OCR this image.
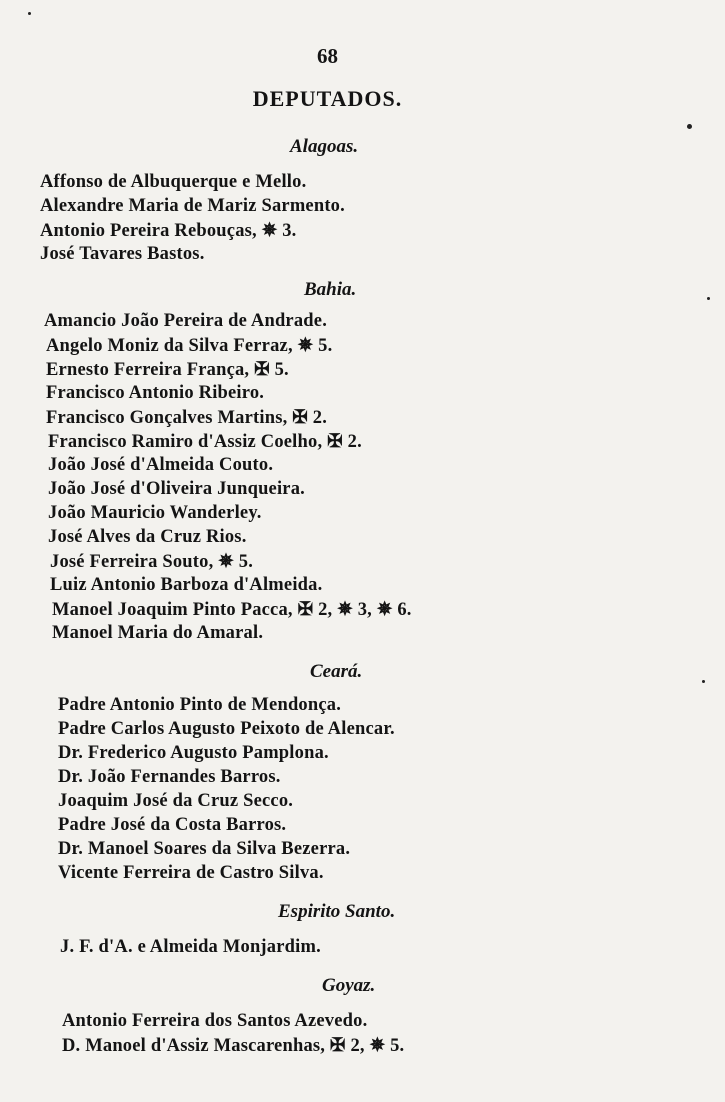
68
DEPUTADOS.
Alagoas.
Affonso de Albuquerque e Mello.
Alexandre Maria de Mariz Sarmento.
Antonio Pereira Rebouças, ✵ 3.
José Tavares Bastos.
Bahia.
Amancio João Pereira de Andrade.
Angelo Moniz da Silva Ferraz, ✵ 5.
Ernesto Ferreira França, ✠ 5.
Francisco Antonio Ribeiro.
Francisco Gonçalves Martins, ✠ 2.
Francisco Ramiro d'Assiz Coelho, ✠ 2.
João José d'Almeida Couto.
João José d'Oliveira Junqueira.
João Mauricio Wanderley.
José Alves da Cruz Rios.
José Ferreira Souto, ✵ 5.
Luiz Antonio Barboza d'Almeida.
Manoel Joaquim Pinto Pacca, ✠ 2, ✵ 3, ✵ 6.
Manoel Maria do Amaral.
Ceará.
Padre Antonio Pinto de Mendonça.
Padre Carlos Augusto Peixoto de Alencar.
Dr. Frederico Augusto Pamplona.
Dr. João Fernandes Barros.
Joaquim José da Cruz Secco.
Padre José da Costa Barros.
Dr. Manoel Soares da Silva Bezerra.
Vicente Ferreira de Castro Silva.
Espirito Santo.
J. F. d'A. e Almeida Monjardim.
Goyaz.
Antonio Ferreira dos Santos Azevedo.
D. Manoel d'Assiz Mascarenhas, ✠ 2, ✵ 5.
